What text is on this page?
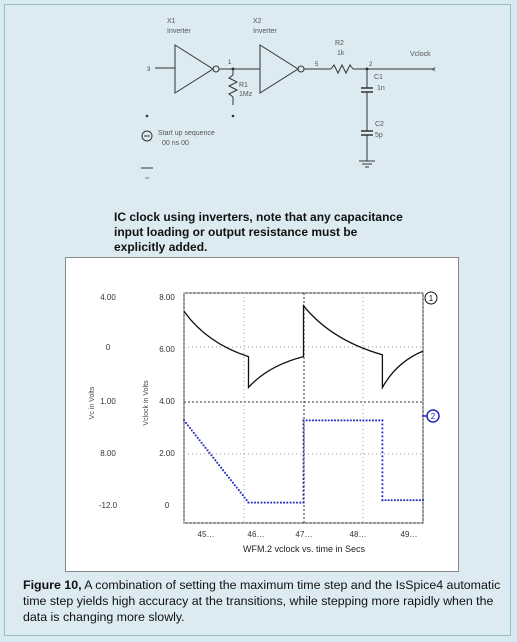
3
X1
Inverter
1
R1
1Mz
X2
Inverter
5
R2
1k
2
Vclock
<
C1
1n
C2
5p
Start up sequence
00 ns 00
IC clock using inverters, note that any capacitance input loading or output resistance must be explicitly added.
4.00
0
1.00
8.00
-12.0
8.00
6.00
4.00
2.00
0
Vc in Volts	Vclock in Volts
45…	46…	47…	48…	49…
WFM.2 vclock vs. time in Secs
1
2
Figure 10, A combination of setting the maximum time step and the IsSpice4 automatic time step yields high accuracy at the transitions, while stepping more rapidly when the data is changing more slowly.
